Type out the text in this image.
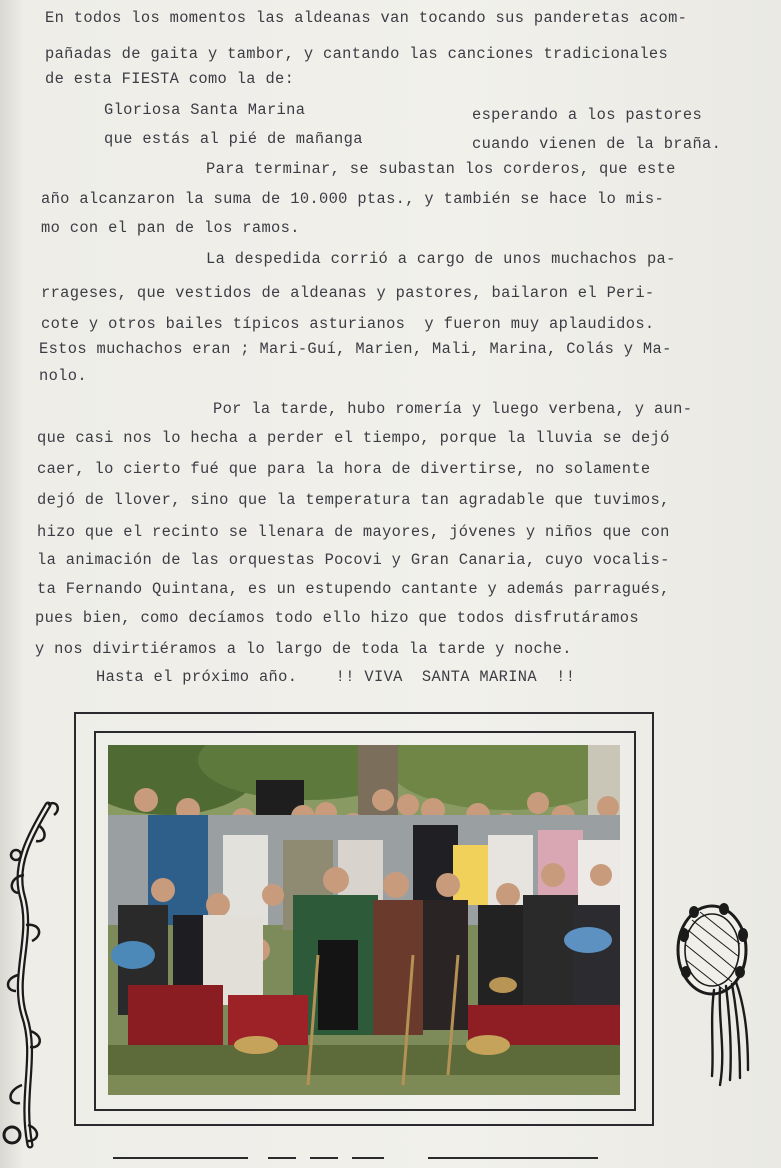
En todos los momentos las aldeanas van tocando sus panderetas acom-
pañadas de gaita y tambor, y cantando las canciones tradicionales
de esta FIESTA como la de:
Gloriosa Santa Marina
que estás al pié de mañanga
esperando a los pastores
cuando vienen de la braña.
Para terminar, se subastan los corderos, que este
año alcanzaron la suma de 10.000 ptas., y también se hace lo mis-
mo con el pan de los ramos.
La despedida corrió a cargo de unos muchachos pa-
rrageses, que vestidos de aldeanas y pastores, bailaron el Peri-
cote y otros bailes típicos asturianos  y fueron muy aplaudidos.
Estos muchachos eran ; Mari-Guí, Marien, Mali, Marina, Colás y Ma-
nolo.
Por la tarde, hubo romería y luego verbena, y aun-
que casi nos lo hecha a perder el tiempo, porque la lluvia se dejó
caer, lo cierto fué que para la hora de divertirse, no solamente
dejó de llover, sino que la temperatura tan agradable que tuvimos,
hizo que el recinto se llenara de mayores, jóvenes y niños que con
la animación de las orquestas Pocovi y Gran Canaria, cuyo vocalis-
ta Fernando Quintana, es un estupendo cantante y además parragués,
pues bien, como decíamos todo ello hizo que todos disfrutáramos
y nos divirtiéramos a lo largo de toda la tarde y noche.
Hasta el próximo año.    !! VIVA  SANTA MARINA  !!
